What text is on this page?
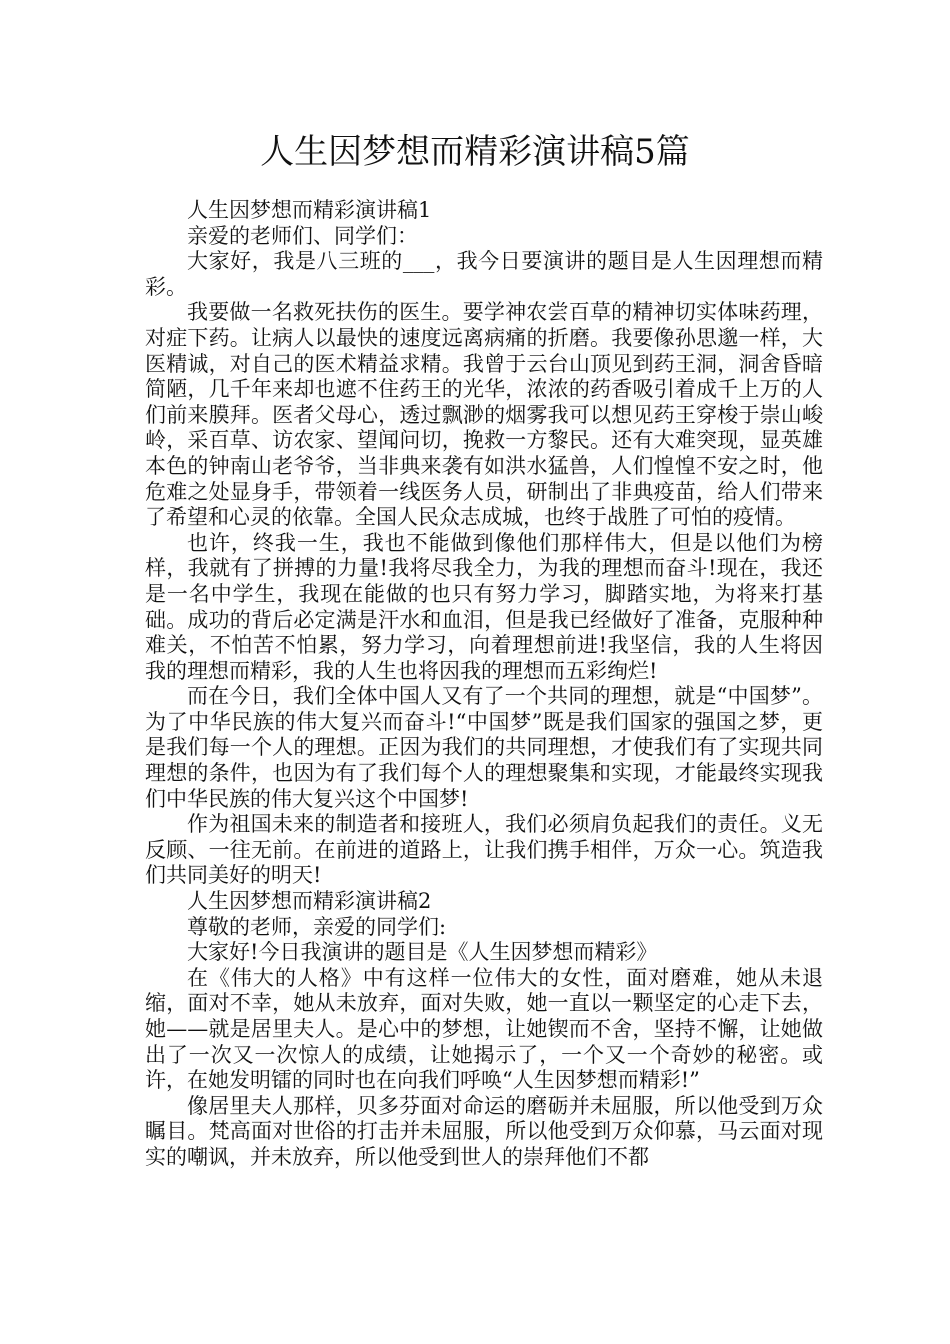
人生因梦想而精彩演讲稿5篇

人生因梦想而精彩演讲稿1

亲爱的老师们、同学们：

大家好，我是八三班的___，我今日要演讲的题目是人生因理想而精彩。

我要做一名救死扶伤的医生。要学神农尝百草的精神切实体味药理，对症下药。让病人以最快的速度远离病痛的折磨。我要像孙思邈一样，大医精诚，对自己的医术精益求精。我曾于云台山顶见到药王洞，洞舍昏暗简陋，几千年来却也遮不住药王的光华，浓浓的药香吸引着成千上万的人们前来膜拜。医者父母心，透过飘渺的烟雾我可以想见药王穿梭于崇山峻岭，采百草、访农家、望闻问切，挽救一方黎民。还有大难突现，显英雄本色的钟南山老爷爷，当非典来袭有如洪水猛兽，人们惶惶不安之时，他危难之处显身手，带领着一线医务人员，研制出了非典疫苗，给人们带来了希望和心灵的依靠。全国人民众志成城，也终于战胜了可怕的疫情。

也许，终我一生，我也不能做到像他们那样伟大，但是以他们为榜样，我就有了拼搏的力量!我将尽我全力，为我的理想而奋斗!现在，我还是一名中学生，我现在能做的也只有努力学习，脚踏实地，为将来打基础。成功的背后必定满是汗水和血泪，但是我已经做好了准备，克服种种难关，不怕苦不怕累，努力学习，向着理想前进!我坚信，我的人生将因我的理想而精彩，我的人生也将因我的理想而五彩绚烂!

而在今日，我们全体中国人又有了一个共同的理想，就是“中国梦”。为了中华民族的伟大复兴而奋斗!“中国梦”既是我们国家的强国之梦，更是我们每一个人的理想。正因为我们的共同理想，才使我们有了实现共同理想的条件，也因为有了我们每个人的理想聚集和实现，才能最终实现我们中华民族的伟大复兴这个中国梦!

作为祖国未来的制造者和接班人，我们必须肩负起我们的责任。义无反顾、一往无前。在前进的道路上，让我们携手相伴，万众一心。筑造我们共同美好的明天!

人生因梦想而精彩演讲稿2

尊敬的老师，亲爱的同学们:

大家好!今日我演讲的题目是《人生因梦想而精彩》

在《伟大的人格》中有这样一位伟大的女性，面对磨难，她从未退缩，面对不幸，她从未放弃，面对失败，她一直以一颗坚定的心走下去，她——就是居里夫人。是心中的梦想，让她锲而不舍，坚持不懈，让她做出了一次又一次惊人的成绩，让她揭示了，一个又一个奇妙的秘密。或许，在她发明镭的同时也在向我们呼唤“人生因梦想而精彩!”

像居里夫人那样，贝多芬面对命运的磨砺并未屈服，所以他受到万众瞩目。梵高面对世俗的打击并未屈服，所以他受到万众仰慕，马云面对现实的嘲讽，并未放弃，所以他受到世人的崇拜他们不都
